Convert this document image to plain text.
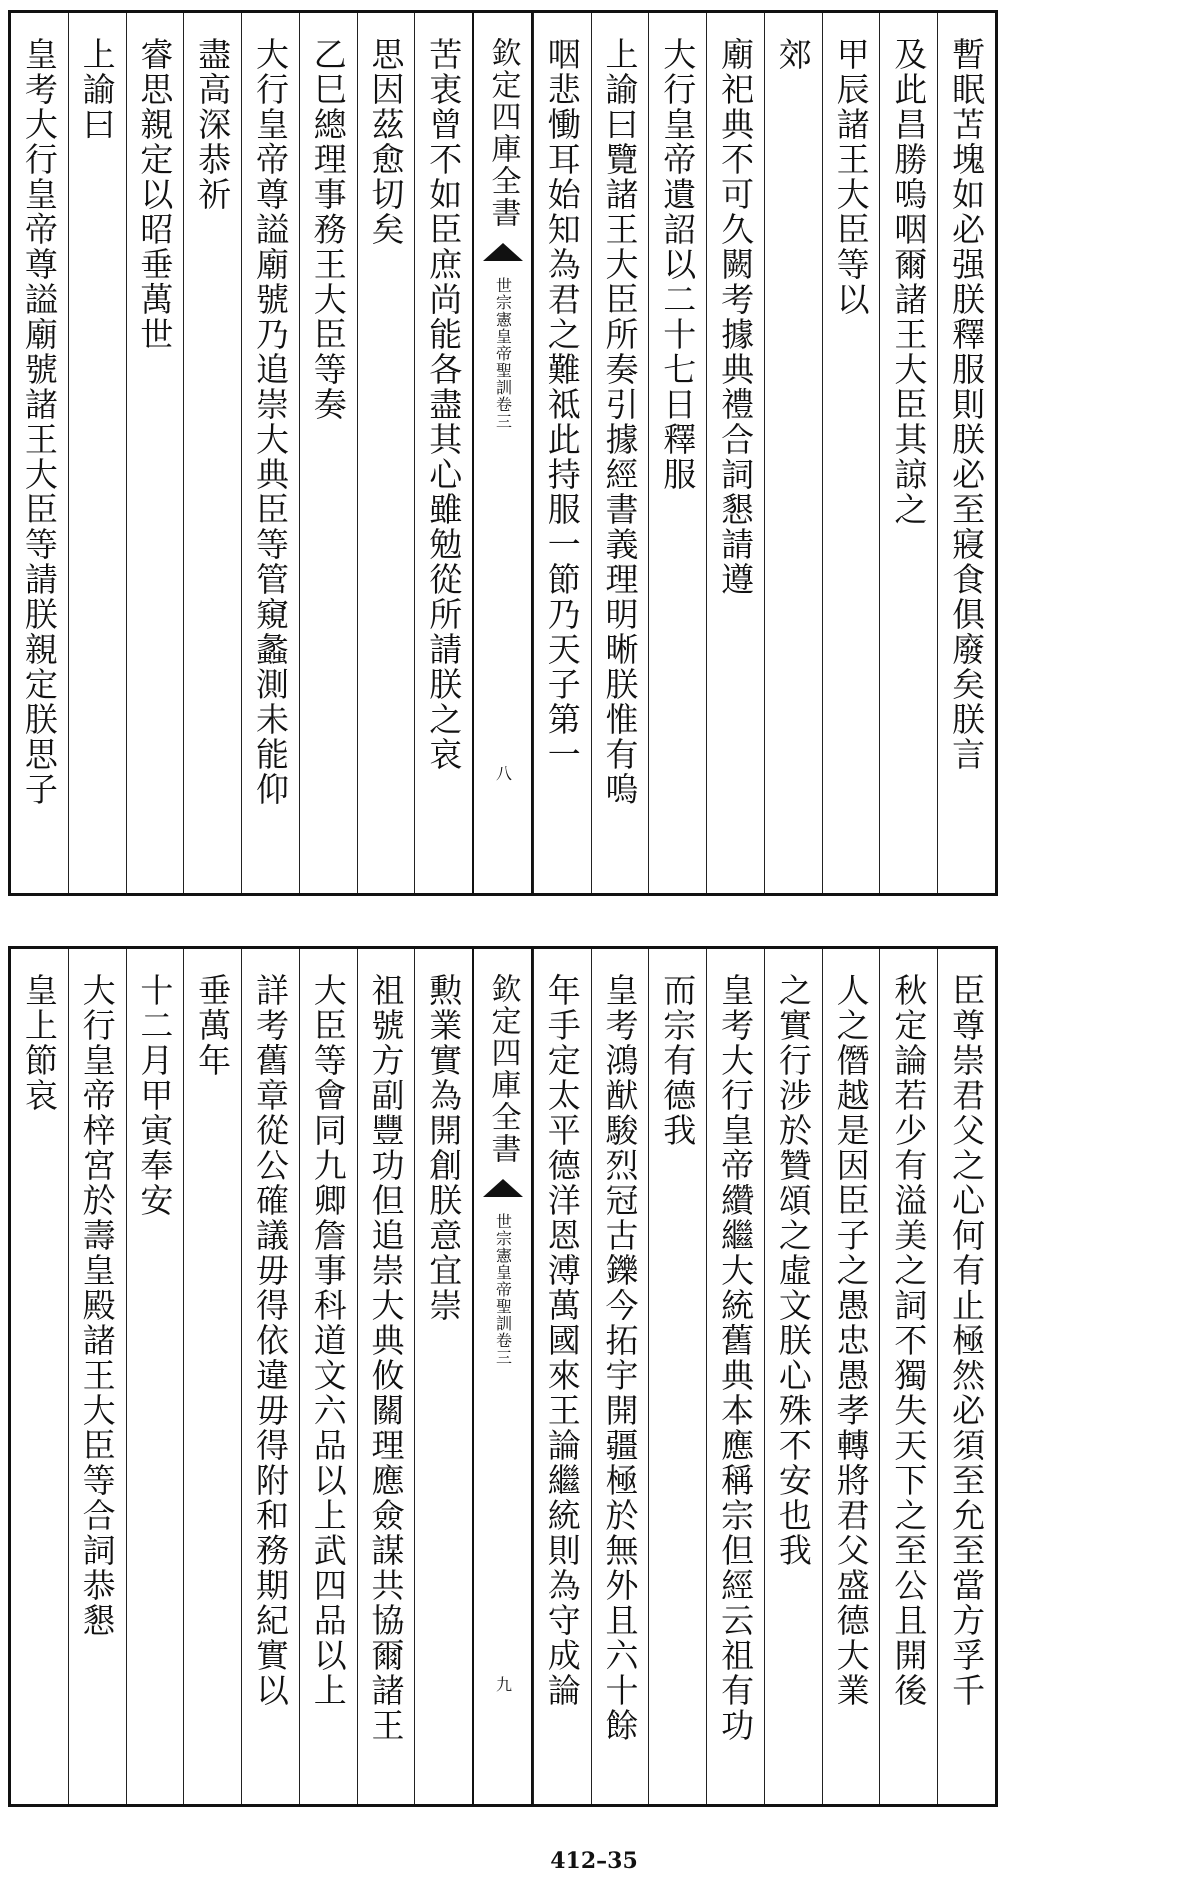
暫眠苫塊如必强朕釋服則朕必至寢食俱廢矣朕言
及此昌勝嗚咽爾諸王大臣其諒之
甲辰諸王大臣等以
郊
廟祀典不可久闕考據典禮合詞懇請遵
大行皇帝遺詔以二十七日釋服
上諭曰覽諸王大臣所奏引據經書義理明晰朕惟有嗚
咽悲慟耳始知為君之難祗此持服一節乃天子第一
欽定四庫全書
世宗憲皇帝聖訓
卷三
八
苦衷曾不如臣庶尚能各盡其心雖勉從所請朕之哀
思因茲愈切矣
乙巳總理事務王大臣等奏
大行皇帝尊謚廟號乃追崇大典臣等管窺蠡測未能仰
盡高深恭祈
睿思親定以昭垂萬世
上諭曰
皇考大行皇帝尊謚廟號諸王大臣等請朕親定朕思子
臣尊崇君父之心何有止極然必須至允至當方孚千
秋定論若少有溢美之詞不獨失天下之至公且開後
人之僭越是因臣子之愚忠愚孝轉將君父盛德大業
之實行涉於贊頌之虛文朕心殊不安也我
皇考大行皇帝纘繼大統舊典本應稱宗但經云祖有功
而宗有德我
皇考鴻猷駿烈冠古鑠今拓宇開疆極於無外且六十餘
年手定太平德洋恩溥萬國來王論繼統則為守成論
欽定四庫全書
世宗憲皇帝聖訓
卷三
九
勲業實為開創朕意宜崇
祖號方副豐功但追崇大典攸關理應僉謀共協爾諸王
大臣等會同九卿詹事科道文六品以上武四品以上
詳考舊章從公確議毋得依違毋得附和務期紀實以
垂萬年
十二月甲寅奉安
大行皇帝梓宮於壽皇殿諸王大臣等合詞恭懇
皇上節哀
412–35
